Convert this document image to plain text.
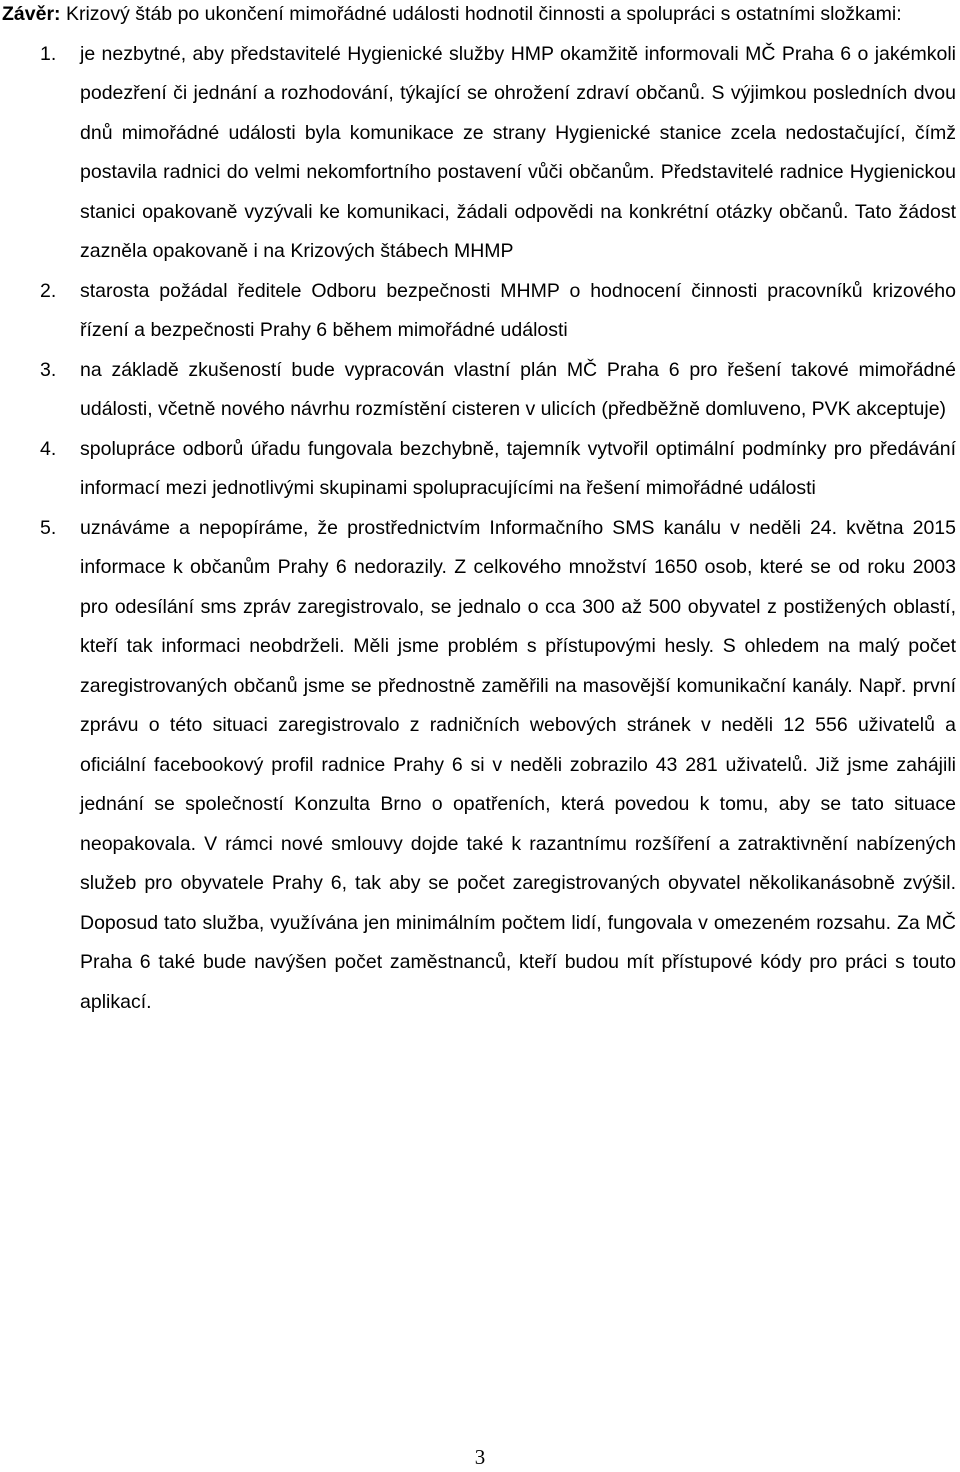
Závěr: Krizový štáb po ukončení mimořádné události hodnotil činnosti a spolupráci s ostatními složkami:

1. je nezbytné, aby představitelé Hygienické služby HMP okamžitě informovali MČ Praha 6 o jakémkoli podezření či jednání a rozhodování, týkající se ohrožení zdraví občanů. S výjimkou posledních dvou dnů mimořádné události byla komunikace ze strany Hygienické stanice zcela nedostačující, čímž postavila radnici do velmi nekomfortního postavení vůči občanům. Představitelé radnice Hygienickou stanici opakovaně vyzývali ke komunikaci, žádali odpovědi na konkrétní otázky občanů. Tato žádost zazněla opakovaně i na Krizových štábech MHMP
2. starosta požádal ředitele Odboru bezpečnosti MHMP o hodnocení činnosti pracovníků krizového řízení a bezpečnosti Prahy 6 během mimořádné události
3. na základě zkušeností bude vypracován vlastní plán MČ Praha 6 pro řešení takové mimořádné události, včetně nového návrhu rozmístění cisteren v ulicích (předběžně domluveno, PVK akceptuje)
4. spolupráce odborů úřadu fungovala bezchybně, tajemník vytvořil optimální podmínky pro předávání informací mezi jednotlivými skupinami spolupracujícími na řešení mimořádné události
5. uznáváme a nepopíráme, že prostřednictvím Informačního SMS kanálu v neděli 24. května 2015 informace k občanům Prahy 6 nedorazily. Z celkového množství 1650 osob, které se od roku 2003 pro odesílání sms zpráv zaregistrovalo, se jednalo o cca 300 až 500 obyvatel z postižených oblastí, kteří tak informaci neobdrželi. Měli jsme problém s přístupovými hesly. S ohledem na malý počet zaregistrovaných občanů jsme se přednostně zaměřili na masovější komunikační kanály. Např. první zprávu o této situaci zaregistrovalo z radničních webových stránek v neděli 12 556 uživatelů a oficiální facebookový profil radnice Prahy 6 si v neděli zobrazilo 43 281 uživatelů. Již jsme zahájili jednání se společností Konzulta Brno o opatřeních, která povedou k tomu, aby se tato situace neopakovala. V rámci nové smlouvy dojde také k razantnímu rozšíření a zatraktivnění nabízených služeb pro obyvatele Prahy 6, tak aby se počet zaregistrovaných obyvatel několikanásobně zvýšil. Doposud tato služba, využívána jen minimálním počtem lidí, fungovala v omezeném rozsahu. Za MČ Praha 6 také bude navýšen počet zaměstnanců, kteří budou mít přístupové kódy pro práci s touto aplikací.
3
